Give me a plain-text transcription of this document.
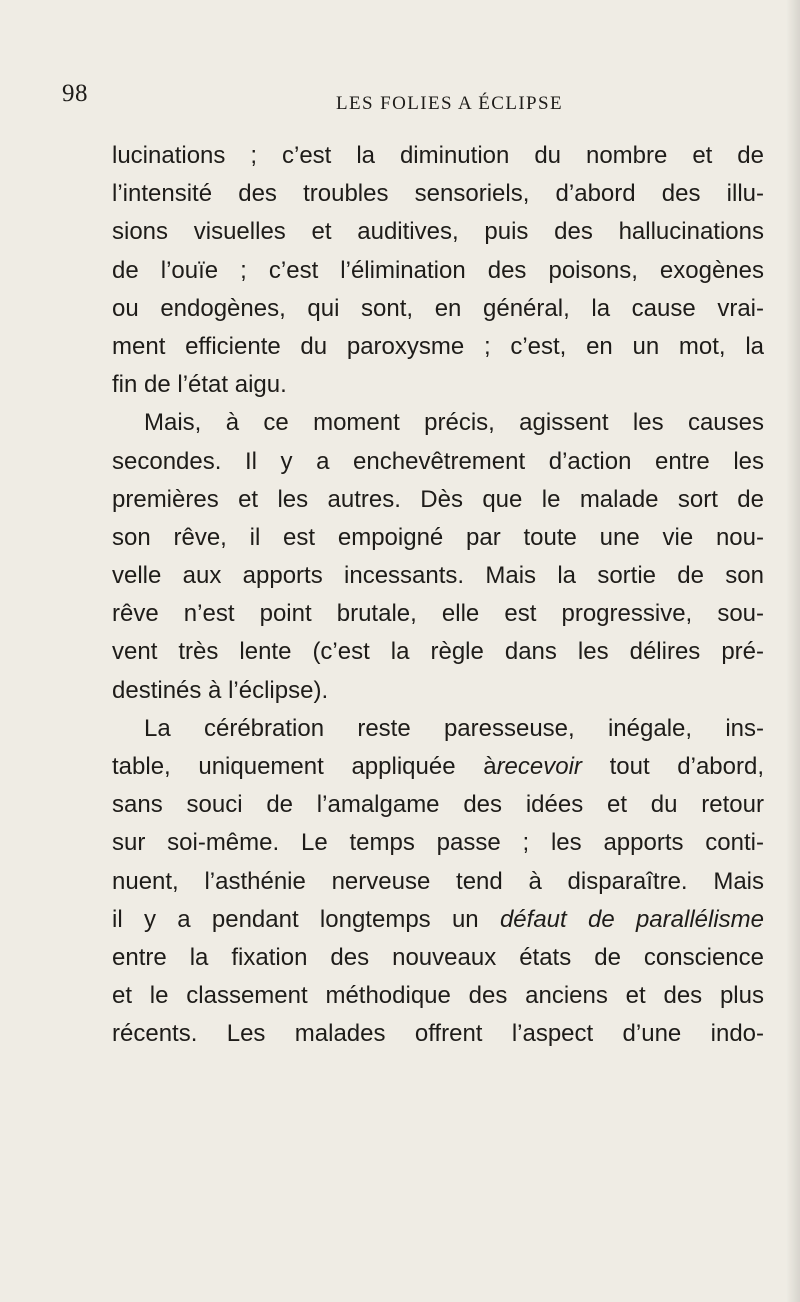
98	LES FOLIES A ÉCLIPSE
lucinations ; c’est la diminution du nombre et de
l’intensité des troubles sensoriels, d’abord des illu-
sions visuelles et auditives, puis des hallucinations
de l’ouïe ; c’est l’élimination des poisons, exogènes
ou endogènes, qui sont, en général, la cause vrai-
ment efficiente du paroxysme ; c’est, en un mot, la
fin de l’état aigu.
Mais, à ce moment précis, agissent les causes
secondes. Il y a enchevêtrement d’action entre les
premières et les autres. Dès que le malade sort de
son rêve, il est empoigné par toute une vie nou-
velle aux apports incessants. Mais la sortie de son
rêve n’est point brutale, elle est progressive, sou-
vent très lente (c’est la règle dans les délires pré-
destinés à l’éclipse).
La cérébration reste paresseuse, inégale, ins-
table, uniquement appliquée àrecevoir tout d’abord,
sans souci de l’amalgame des idées et du retour
sur soi-même. Le temps passe ; les apports conti-
nuent, l’asthénie nerveuse tend à disparaître. Mais
il y a pendant longtemps un défaut de parallélisme
entre la fixation des nouveaux états de conscience
et le classement méthodique des anciens et des plus
récents. Les malades offrent l’aspect d’une indo-
